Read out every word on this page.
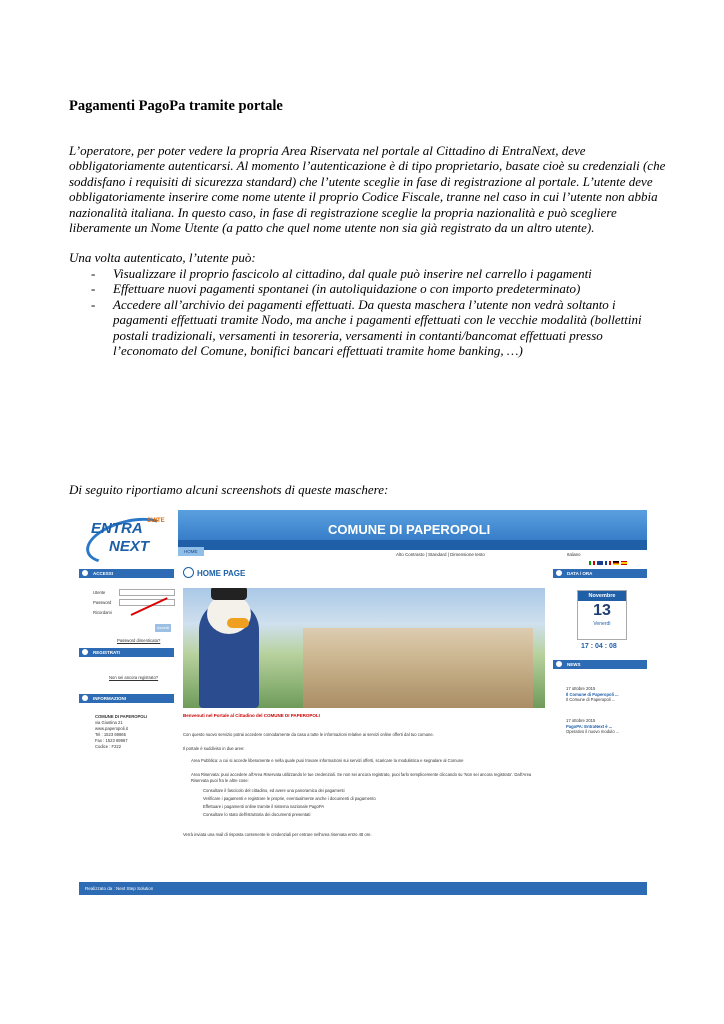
Pagamenti PagoPa tramite portale
L’operatore, per poter vedere la propria Area Riservata nel portale al Cittadino di EntraNext, deve obbligatoriamente autenticarsi. Al momento l’autenticazione è di tipo proprietario, basate cioè su credenziali (che soddisfano i requisiti di sicurezza standard) che l’utente sceglie in fase di registrazione al portale. L’utente deve obbligatoriamente inserire come nome utente il proprio Codice Fiscale, tranne nel caso in cui l’utente non abbia nazionalità italiana. In questo caso, in fase di registrazione sceglie la propria nazionalità e può scegliere liberamente un Nome Utente (a patto che quel nome utente non sia già registrato da un altro utente).
Una volta autenticato, l’utente può:
- Visualizzare il proprio fascicolo al cittadino, dal quale può inserire nel carrello i pagamenti
- Effettuare nuovi pagamenti spontanei (in autoliquidazione o con importo predeterminato)
- Accedere all’archivio dei pagamenti effettuati. Da questa maschera l’utente non vedrà soltanto i pagamenti effettuati tramite Nodo, ma anche i pagamenti effettuati con le vecchie modalità (bollettini postali tradizionali, versamenti in tesoreria, versamenti in contanti/bancomat effettuati presso l’economato del Comune, bonifici bancari effettuati tramite home banking, …)
Di seguito riportiamo alcuni screenshots di queste maschere:
ENTRA
NEXT
SUITE
COMUNE DI PAPEROPOLI
HOME	SERVIZI	PAGAMENTI	CONTATTI
Alto Contrasto | Standard | Dimensione testo	Italiano
ACCESSI
Utente
Password
Ricordami
Accedi
Password dimenticata?
REGISTRATI
Non sei ancora registrato?
INFORMAZIONI
COMUNE DI PAPEROPOLI
via Giustina 21
www.paperopoli.it
Tel : 1523 69865
Fax : 1523 69867
Codice : F222
HOME PAGE
Benvenuti nel Portale al Cittadino del COMUNE DI PAPEROPOLI
Con questo nuovo servizio potrai accedere comodamente da casa a tutte le informazioni relative ai servizi online offerti dal tuo comune.
Il portale è suddiviso in due aree:
Area Pubblica: a cui si accede liberamente e nella quale puoi trovare informazioni sui servizi offerti, scaricare la modulistica e segnalare al Comune
Area Riservata: puoi accedere all'Area Riservata utilizzando le tue credenziali. Se non sei ancora registrato, puoi farlo semplicemente cliccando su 'Non sei ancora registrato'. Dall'Area Riservata puoi fra le altre cose:
Consultare il fascicolo del cittadino, ed avere una panoramica dei pagamenti
Verificare i pagamenti e registrare le proprie, eventualmente anche i documenti di pagamento
Effettuare i pagamenti online tramite il sistema nazionale PagoPA
Consultare lo stato dell'istruttoria dei documenti presentati
Verrà inviata una mail di risposta contenente le credenziali per entrare nell'area riservata entro 48 ore.
DATA / ORA
Novembre
13
Venerdì
17 : 04 : 08
NEWS
17 ottobre 2015
Il Comune di Paperopoli ...
Il Comune di Paperopoli ...
17 ottobre 2015
PagoPA: EntraNext è ...
Operativo il nuovo modulo ...
Realizzato da : Next Step Solution
